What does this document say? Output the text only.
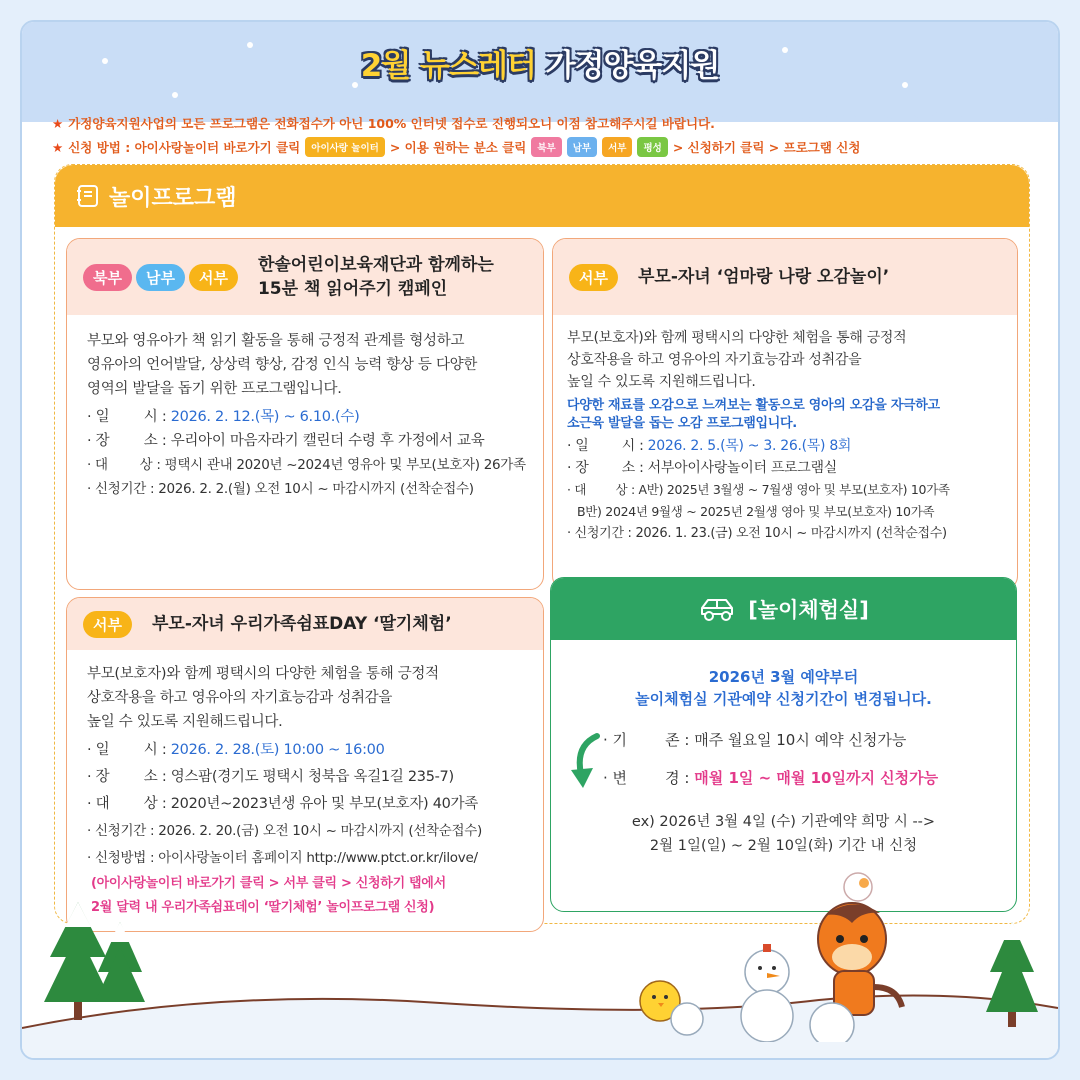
2월 뉴스레터 가정양육지원
★ 가정양육지원사업의 모든 프로그램은 전화접수가 아닌 100% 인터넷 접수로 진행되오니 이점 참고해주시길 바랍니다.
★ 신청 방법 : 아이사랑놀이터 바로가기 클릭	아이사랑 놀이터 > 이용 원하는 분소 클릭	북부	남부	서부	평성 > 신청하기 클릭 > 프로그램 신청
놀이프로그램
북부	남부	서부
한솔어린이보육재단과 함께하는
15분 책 읽어주기 캠페인
부모와 영유아가 책 읽기 활동을 통해 긍정적 관계를 형성하고
영유아의 언어발달, 상상력 향상, 감정 인식 능력 향상 등 다양한
영역의 발달을 돕기 위한 프로그램입니다.
· 일        시 : 2026. 2. 12.(목) ~ 6.10.(수)
· 장        소 : 우리아이 마음자라기 캘린더 수령 후 가정에서 교육
· 대        상 : 평택시 관내 2020년 ~2024년 영유아 및 부모(보호자) 26가족
· 신청기간 : 2026. 2. 2.(월) 오전 10시 ~ 마감시까지 (선착순접수)
서부	부모-자녀 ‘엄마랑 나랑 오감놀이’
부모(보호자)와 함께 평택시의 다양한 체험을 통해 긍정적
상호작용을 하고 영유아의 자기효능감과 성취감을
높일 수 있도록 지원해드립니다.
다양한 재료를 오감으로 느껴보는 활동으로 영아의 오감을 자극하고
소근육 발달을 돕는 오감 프로그램입니다.
· 일        시 : 2026. 2. 5.(목) ~ 3. 26.(목) 8회
· 장        소 : 서부아이사랑놀이터 프로그램실
· 대        상 : A반) 2025년 3월생 ~ 7월생 영아 및 부모(보호자) 10가족
B반) 2024년 9월생 ~ 2025년 2월생 영아 및 부모(보호자) 10가족
· 신청기간 : 2026. 1. 23.(금) 오전 10시 ~ 마감시까지 (선착순접수)
서부	부모-자녀 우리가족쉼표DAY ‘딸기체험’
부모(보호자)와 함께 평택시의 다양한 체험을 통해 긍정적
상호작용을 하고 영유아의 자기효능감과 성취감을
높일 수 있도록 지원해드립니다.
· 일        시 : 2026. 2. 28.(토) 10:00 ~ 16:00
· 장        소 : 영스팜(경기도 평택시 청북읍 옥길1길 235-7)
· 대        상 : 2020년~2023년생 유아 및 부모(보호자) 40가족
· 신청기간 : 2026. 2. 20.(금) 오전 10시 ~ 마감시까지 (선착순접수)
· 신청방법 : 아이사랑놀이터 홈페이지 http://www.ptct.or.kr/ilove/
(아이사랑놀이터 바로가기 클릭 > 서부 클릭 > 신청하기 탭에서
2월 달력 내 우리가족쉼표데이 ‘딸기체험’ 놀이프로그램 신청)
[놀이체험실]
2026년 3월 예약부터
놀이체험실 기관예약 신청기간이 변경됩니다.
· 기        존 : 매주 월요일 10시 예약 신청가능
· 변        경 : 매월 1일 ~ 매월 10일까지 신청가능
ex) 2026년 3월 4일 (수) 기관예약 희망 시 -->
2월 1일(일) ~ 2월 10일(화) 기간 내 신청
